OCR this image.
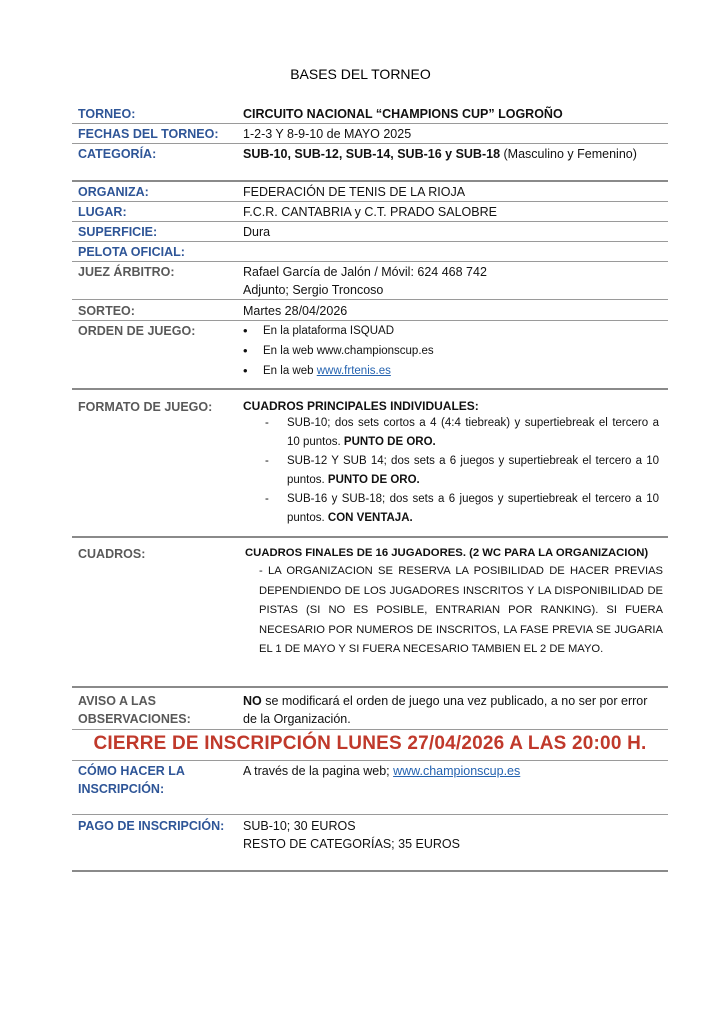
BASES DEL TORNEO
TORNEO:	CIRCUITO NACIONAL “CHAMPIONS CUP” LOGROÑO
FECHAS DEL TORNEO: 1-2-3 Y 8-9-10 de MAYO 2025
CATEGORÍA:	SUB-10, SUB-12, SUB-14, SUB-16 y SUB-18 (Masculino y Femenino)
ORGANIZA:	FEDERACIÓN DE TENIS DE LA RIOJA
LUGAR:	F.C.R. CANTABRIA y C.T. PRADO SALOBRE
SUPERFICIE:	Dura
PELOTA OFICIAL:
JUEZ ÁRBITRO:	Rafael García de Jalón / Móvil: 624 468 742
Adjunto; Sergio Troncoso
SORTEO:	Martes 28/04/2026
ORDEN DE JUEGO:
•	En la plataforma ISQUAD
• En la web www.championscup.es
• En la web www.frtenis.es
FORMATO DE JUEGO:	CUADROS PRINCIPALES INDIVIDUALES:
- SUB-10; dos sets cortos a 4 (4:4 tiebreak) y supertiebreak el tercero a 10 puntos. PUNTO DE ORO.
- SUB-12 Y SUB 14; dos sets a 6 juegos y supertiebreak el tercero a 10 puntos. PUNTO DE ORO.
- SUB-16 y SUB-18; dos sets a 6 juegos y supertiebreak el tercero a 10 puntos. CON VENTAJA.
CUADROS:	CUADROS FINALES DE 16 JUGADORES. (2 WC PARA LA ORGANIZACION)
- LA ORGANIZACION SE RESERVA LA POSIBILIDAD DE HACER PREVIAS DEPENDIENDO DE LOS JUGADORES INSCRITOS Y LA DISPONIBILIDAD DE PISTAS (SI NO ES POSIBLE, ENTRARIAN POR RANKING). SI FUERA NECESARIO POR NUMEROS DE INSCRITOS, LA FASE PREVIA SE JUGARIA EL 1 DE MAYO Y SI FUERA NECESARIO TAMBIEN EL 2 DE MAYO.
AVISO A LAS
OBSERVACIONES:
NO se modificará el orden de juego una vez publicado, a no ser por error de la Organización.
CIERRE DE INSCRIPCIÓN LUNES 27/04/2026 A LAS 20:00 H.
CÓMO HACER LA
INSCRIPCIÓN:
A través de la pagina web; www.championscup.es
PAGO DE INSCRIPCIÓN: SUB-10; 30 EUROS
RESTO DE CATEGORÍAS; 35 EUROS
